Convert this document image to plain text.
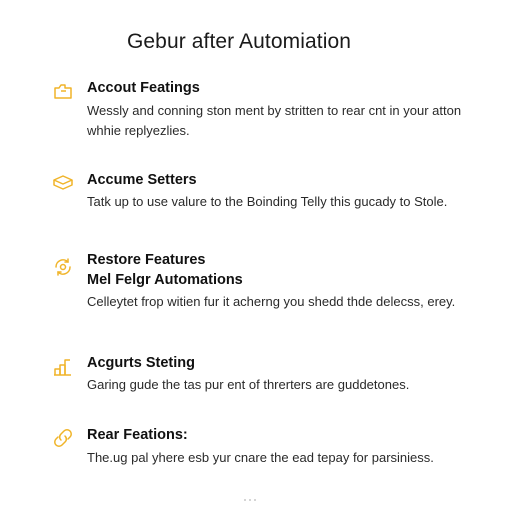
Gebur after Automiation
Accout Featings
Wessly and conning ston ment by stritten to rear cnt in your atton whhie replyezlies.
Accume Setters
Tatk up to use valure to the Boinding Telly this gucady to Stole.
Restore Features
Mel Felgr Automations
Celleytet frop witien fur it acherng you shedd thde delecss, erey.
Acgurts Steting
Garing gude the tas pur ent of threrters are guddetones.
Rear Feations:
The.ug pal yhere esb yur cnare the ead tepay for parsiniess.
